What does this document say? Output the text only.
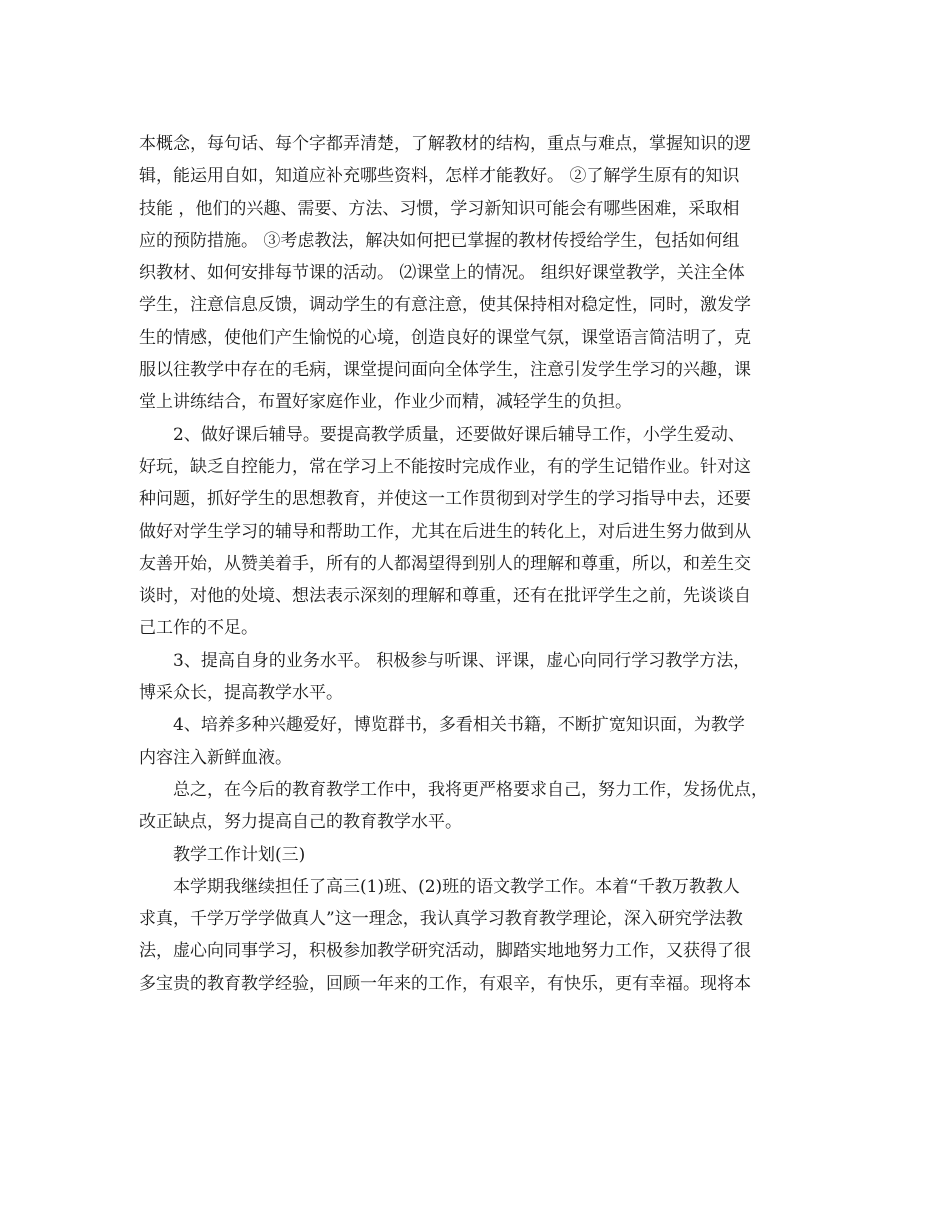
本概念，每句话、每个字都弄清楚，了解教材的结构，重点与难点，掌握知识的逻
辑，能运用自如，知道应补充哪些资料，怎样才能教好。 ②了解学生原有的知识
技能 ，他们的兴趣、需要、方法、习惯，学习新知识可能会有哪些困难，采取相
应的预防措施。 ③考虑教法，解决如何把已掌握的教材传授给学生，包括如何组
织教材、如何安排每节课的活动。 ⑵课堂上的情况。 组织好课堂教学，关注全体
学生，注意信息反馈，调动学生的有意注意，使其保持相对稳定性，同时，激发学
生的情感，使他们产生愉悦的心境，创造良好的课堂气氛，课堂语言简洁明了，克
服以往教学中存在的毛病，课堂提问面向全体学生，注意引发学生学习的兴趣，课
堂上讲练结合，布置好家庭作业，作业少而精，减轻学生的负担。
2、做好课后辅导。要提高教学质量，还要做好课后辅导工作，小学生爱动、
好玩，缺乏自控能力，常在学习上不能按时完成作业，有的学生记错作业。针对这
种问题，抓好学生的思想教育，并使这一工作贯彻到对学生的学习指导中去，还要
做好对学生学习的辅导和帮助工作，尤其在后进生的转化上，对后进生努力做到从
友善开始，从赞美着手，所有的人都渴望得到别人的理解和尊重，所以，和差生交
谈时，对他的处境、想法表示深刻的理解和尊重，还有在批评学生之前，先谈谈自
己工作的不足。
3、提高自身的业务水平。 积极参与听课、评课，虚心向同行学习教学方法，
博采众长，提高教学水平。
4、培养多种兴趣爱好，博览群书，多看相关书籍，不断扩宽知识面，为教学
内容注入新鲜血液。
总之，在今后的教育教学工作中，我将更严格要求自己，努力工作，发扬优点，
改正缺点，努力提高自己的教育教学水平。
教学工作计划(三)
本学期我继续担任了高三(1)班、(2)班的语文教学工作。本着“千教万教教人
求真，千学万学学做真人”这一理念，我认真学习教育教学理论，深入研究学法教
法，虚心向同事学习，积极参加教学研究活动，脚踏实地地努力工作，又获得了很
多宝贵的教育教学经验，回顾一年来的工作，有艰辛，有快乐，更有幸福。现将本
